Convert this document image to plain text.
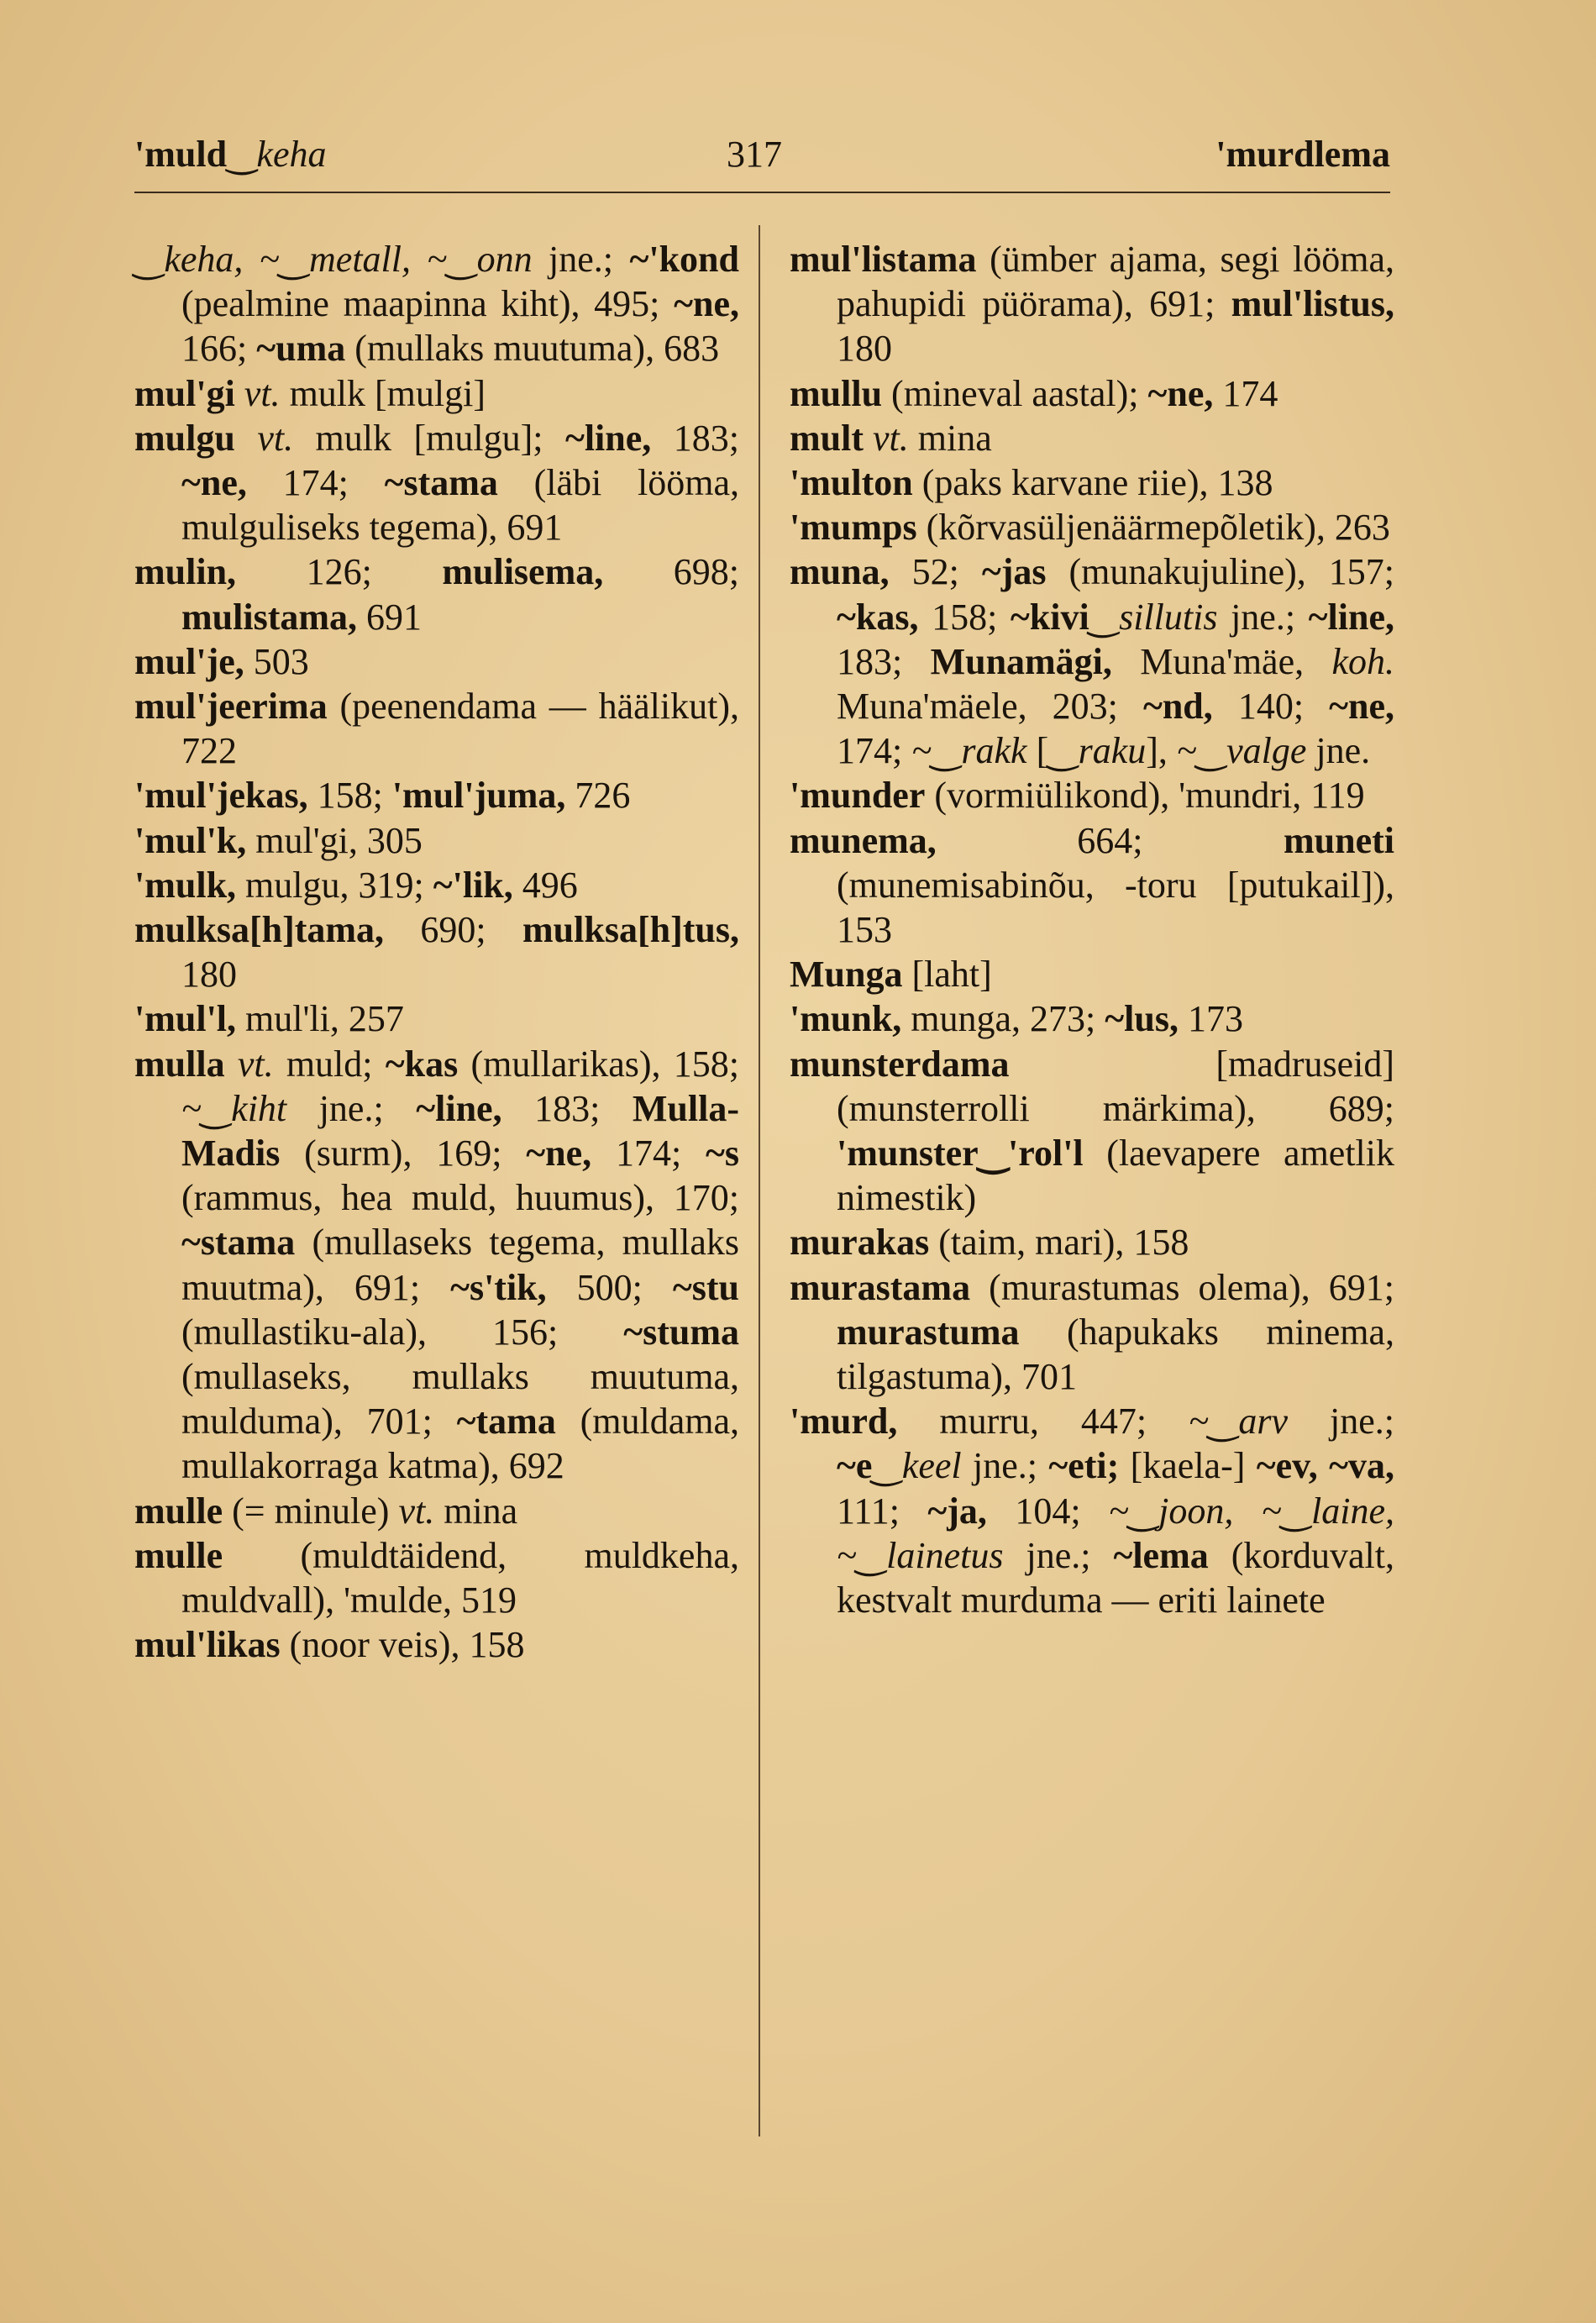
'muld‿keha	317	'murdlema

‿keha, ~‿metall, ~‿onn jne.; ~'kond (pealmine maapinna kiht), 495; ~ne, 166; ~uma (mullaks muutuma), 683

mul'gi vt. mulk [mulgi]

mulgu vt. mulk [mulgu]; ~line, 183; ~ne, 174; ~stama (läbi lööma, mulguliseks tegema), 691

mulin, 126; mulisema, 698; mulistama, 691

mul'je, 503

mul'jeerima (peenendama — häälikut), 722

'mul'jekas, 158; 'mul'juma, 726

'mul'k, mul'gi, 305

'mulk, mulgu, 319; ~'lik, 496

mulksa[h]tama, 690; mulksa[h]tus, 180

'mul'l, mul'li, 257

mulla vt. muld; ~kas (mullarikas), 158; ~‿kiht jne.; ~line, 183; Mulla-Madis (surm), 169; ~ne, 174; ~s (rammus, hea muld, huumus), 170; ~stama (mullaseks tegema, mullaks muutma), 691; ~s'tik, 500; ~stu (mullastiku-ala), 156; ~stuma (mullaseks, mullaks muutuma, mulduma), 701; ~tama (muldama, mullakorraga katma), 692

mulle (= minule) vt. mina

mulle (muldtäidend, muldkeha, muldvall), 'mulde, 519

mul'likas (noor veis), 158

mul'listama (ümber ajama, segi lööma, pahupidi püörama), 691; mul'listus, 180

mullu (mineval aastal); ~ne, 174

mult vt. mina

'multon (paks karvane riie), 138

'mumps (kõrvasüljenäärmepõletik), 263

muna, 52; ~jas (munakujuline), 157; ~kas, 158; ~kivi‿sillutis jne.; ~line, 183; Munamägi, Muna'mäe, koh. Muna'mäele, 203; ~nd, 140; ~ne, 174; ~‿rakk [‿raku], ~‿valge jne.

'munder (vormiülikond), 'mundri, 119

munema, 664; muneti (munemisabinõu, -toru [putukail]), 153

Munga [laht]

'munk, munga, 273; ~lus, 173

munsterdama [madruseid] (munsterrolli märkima), 689; 'munster‿'rol'l (laevapere ametlik nimestik)

murakas (taim, mari), 158

murastama (murastumas olema), 691; murastuma (hapukaks minema, tilgastuma), 701

'murd, murru, 447; ~‿arv jne.; ~e‿keel jne.; ~eti; [kaela-] ~ev, ~va, 111; ~ja, 104; ~‿joon, ~‿laine, ~‿lainetus jne.; ~lema (korduvalt, kestvalt murduma — eriti lainete
